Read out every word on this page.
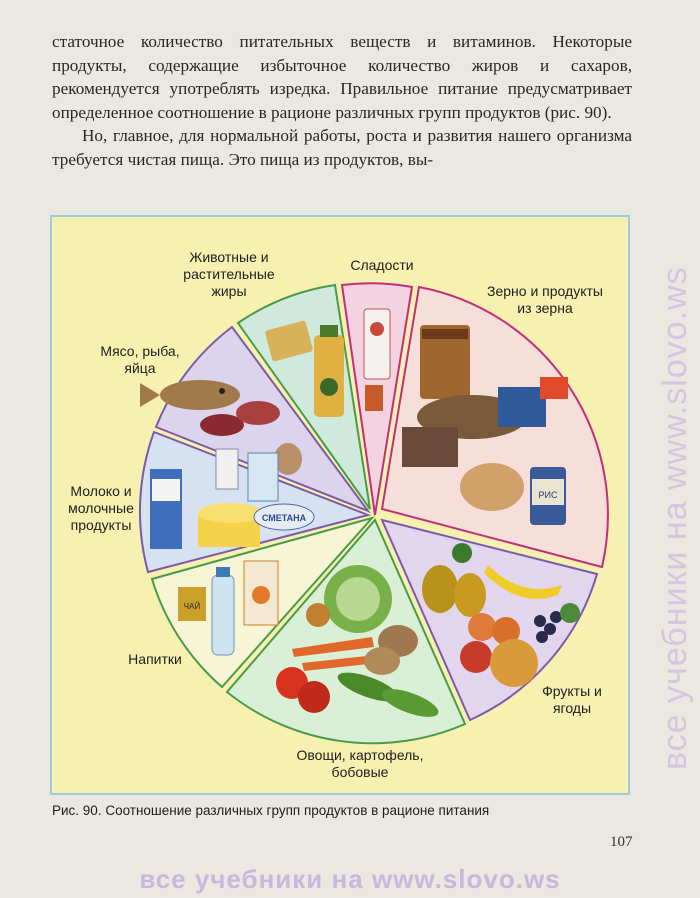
статочное количество питательных веществ и витаминов. Некоторые продукты, содержащие избыточное количество жиров и сахаров, рекомендуется употреблять изредка. Правильное питание предусматривает определенное соотношение в рационе различных групп продуктов (рис. 90).

Но, главное, для нормальной работы, роста и развития нашего организма требуется чистая пища. Это пища из продуктов, вы-

все учебники на www.slovo.ws
РИС
СМЕТАНА
ЧАЙ
Сладости
Зерно и продукты
из зерна
Животные и
растительные
жиры
Мясо, рыба,
яйца
Молоко и
молочные
продукты
Напитки
Овощи, картофель,
бобовые
Фрукты и
ягоды
Рис. 90. Соотношение различных групп продуктов в рационе питания
107
все учебники на www.slovo.ws
